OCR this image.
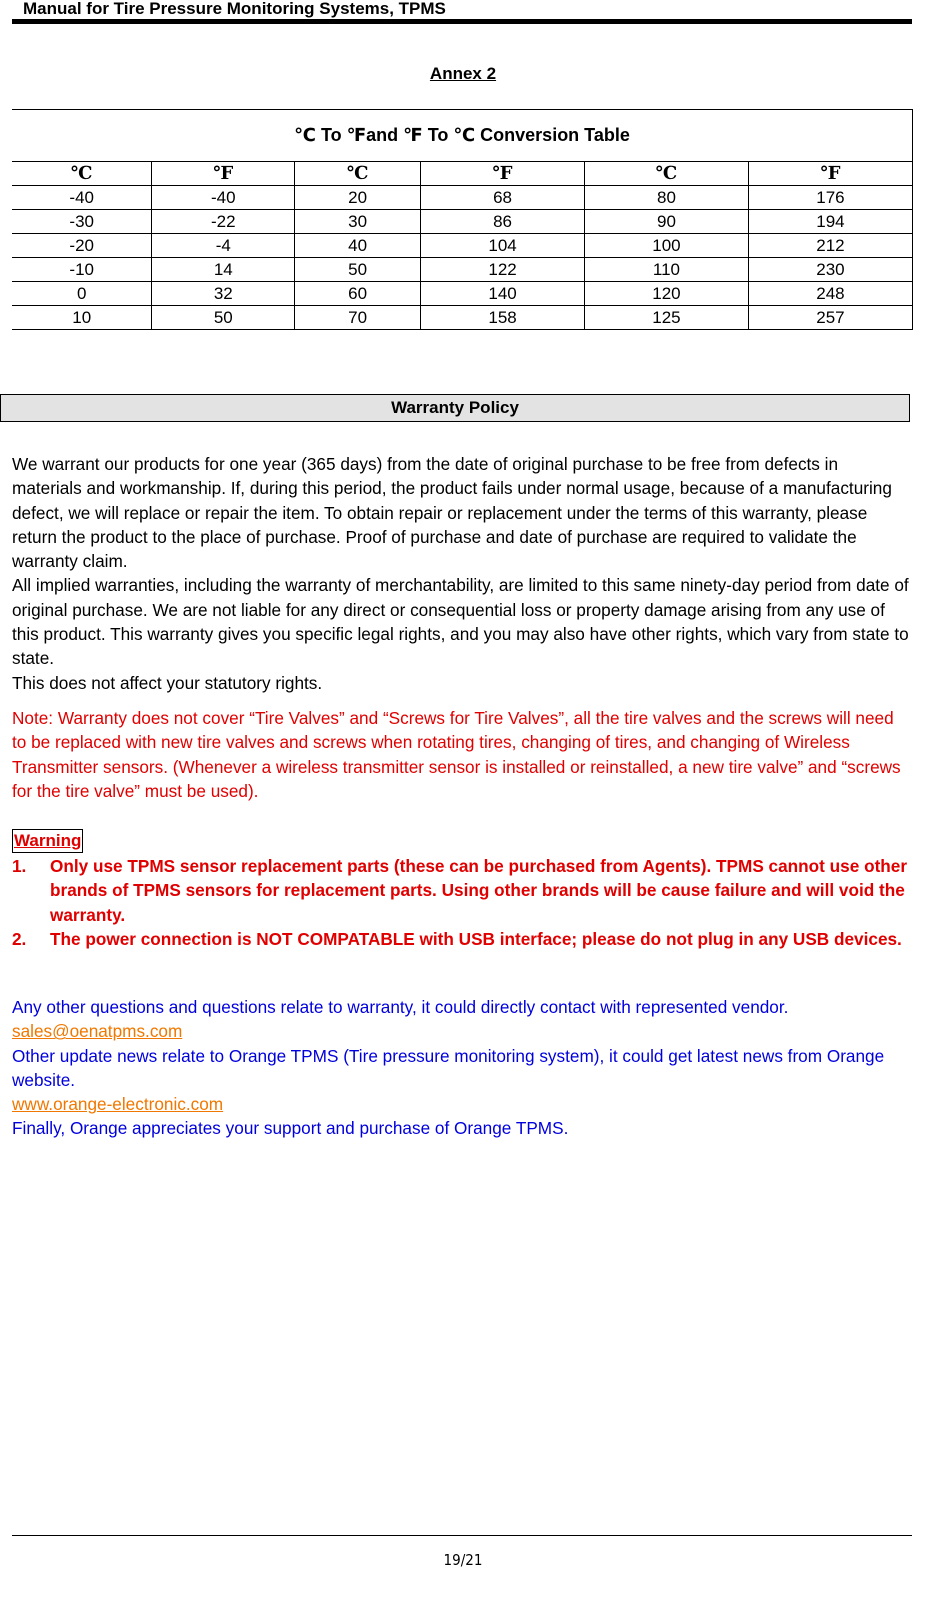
Manual for Tire Pressure Monitoring Systems, TPMS
Annex 2
℃ To ℉and ℉ To ℃ Conversion Table					
℃	℉	℃	℉	℃	℉
-40	-40	20	68	80	176
-30	-22	30	86	90	194
-20	-4	40	104	100	212
-10	14	50	122	110	230
0	32	60	140	120	248
10	50	70	158	125	257
Warranty Policy

We warrant our products for one year (365 days) from the date of original purchase to be free from defects in materials and workmanship. If, during this period, the product fails under normal usage, because of a manufacturing defect, we will replace or repair the item. To obtain repair or replacement under the terms of this warranty, please return the product to the place of purchase. Proof of purchase and date of purchase are required to validate the warranty claim.

All implied warranties, including the warranty of merchantability, are limited to this same ninety-day period from date of original purchase. We are not liable for any direct or consequential loss or property damage arising from any use of this product. This warranty gives you specific legal rights, and you may also have other rights, which vary from state to state.

This does not affect your statutory rights.

Note: Warranty does not cover “Tire Valves” and “Screws for Tire Valves”, all the tire valves and the screws will need to be replaced with new tire valves and screws when rotating tires, changing of tires, and changing of Wireless Transmitter sensors. (Whenever a wireless transmitter sensor is installed or reinstalled, a new tire valve” and “screws for the tire valve” must be used).
Warning
1. Only use TPMS sensor replacement parts (these can be purchased from Agents). TPMS cannot use other brands of TPMS sensors for replacement parts. Using other brands will be cause failure and will void the warranty.
2. The power connection is NOT COMPATABLE with USB interface; please do not plug in any USB devices.

Any other questions and questions relate to warranty, it could directly contact with represented vendor.

sales@oenatpms.com

Other update news relate to Orange TPMS (Tire pressure monitoring system), it could get latest news from Orange website.

www.orange-electronic.com

Finally, Orange appreciates your support and purchase of Orange TPMS.

19/21
